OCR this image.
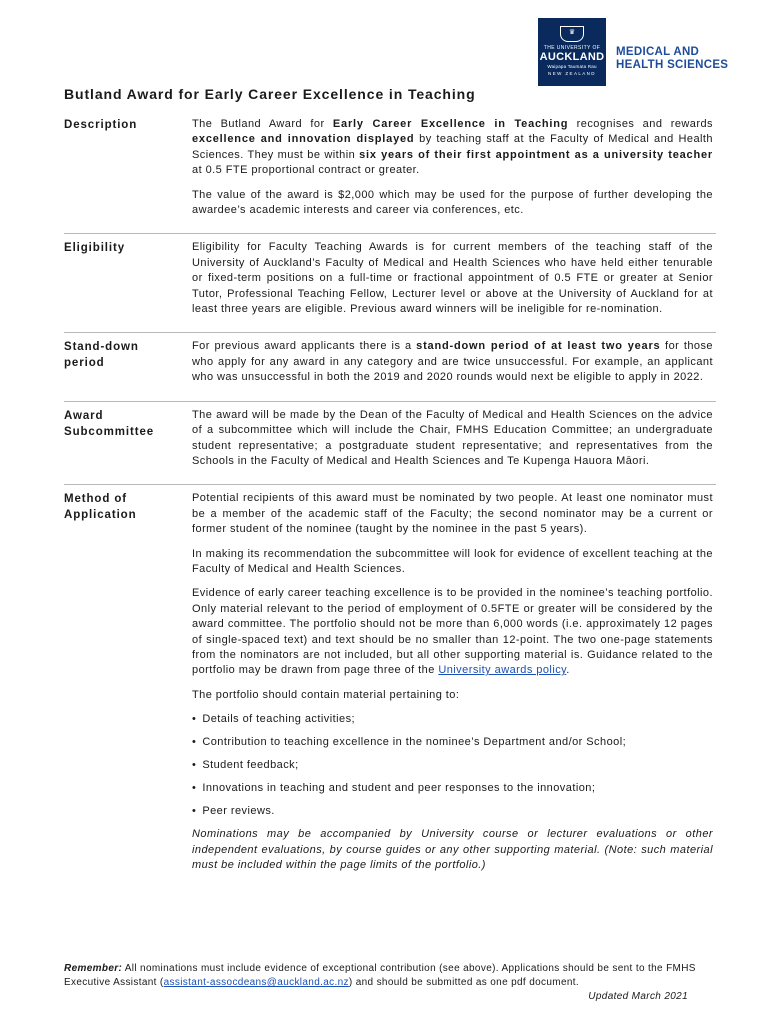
♛
THE UNIVERSITY OF
AUCKLAND
Waipapa Taumata Rau
NEW ZEALAND
MEDICAL AND
HEALTH SCIENCES
Butland Award for Early Career Excellence in Teaching
Description	The Butland Award for Early Career Excellence in Teaching recognises and rewards excellence and innovation displayed by teaching staff at the Faculty of Medical and Health Sciences. They must be within six years of their first appointment as a university teacher at 0.5 FTE proportional contract or greater.

The value of the award is $2,000 which may be used for the purpose of further developing the awardee’s academic interests and career via conferences, etc.

Eligibility	Eligibility for Faculty Teaching Awards is for current members of the teaching staff of the University of Auckland’s Faculty of Medical and Health Sciences who have held either tenurable or fixed-term positions on a full-time or fractional appointment of 0.5 FTE or greater at Senior Tutor, Professional Teaching Fellow, Lecturer level or above at the University of Auckland for at least three years are eligible. Previous award winners will be ineligible for re-nomination.

Stand-down
period

For previous award applicants there is a stand-down period of at least two years for those who apply for any award in any category and are twice unsuccessful. For example, an applicant who was unsuccessful in both the 2019 and 2020 rounds would next be eligible to apply in 2022.

Award
Subcommittee

The award will be made by the Dean of the Faculty of Medical and Health Sciences on the advice of a subcommittee which will include the Chair, FMHS Education Committee; an undergraduate student representative; a postgraduate student representative; and representatives from the Schools in the Faculty of Medical and Health Sciences and Te Kupenga Hauora Māori.

Method of
Application

Potential recipients of this award must be nominated by two people. At least one nominator must be a member of the academic staff of the Faculty; the second nominator may be a current or former student of the nominee (taught by the nominee in the past 5 years).

In making its recommendation the subcommittee will look for evidence of excellent teaching at the Faculty of Medical and Health Sciences.

Evidence of early career teaching excellence is to be provided in the nominee’s teaching portfolio. Only material relevant to the period of employment of 0.5FTE or greater will be considered by the award committee. The portfolio should not be more than 6,000 words (i.e. approximately 12 pages of single-spaced text) and text should be no smaller than 12-point. The two one-page statements from the nominators are not included, but all other supporting material is. Guidance related to the portfolio may be drawn from page three of the University awards policy.

The portfolio should contain material pertaining to:

• Details of teaching activities;
• Contribution to teaching excellence in the nominee’s Department and/or School;
• Student feedback;
• Innovations in teaching and student and peer responses to the innovation;
• Peer reviews.

Nominations may be accompanied by University course or lecturer evaluations or other independent evaluations, by course guides or any other supporting material. (Note: such material must be included within the page limits of the portfolio.)

Remember: All nominations must include evidence of exceptional contribution (see above). Applications should be sent to the FMHS Executive Assistant (assistant-assocdeans@auckland.ac.nz) and should be submitted as one pdf document.
Updated March 2021
